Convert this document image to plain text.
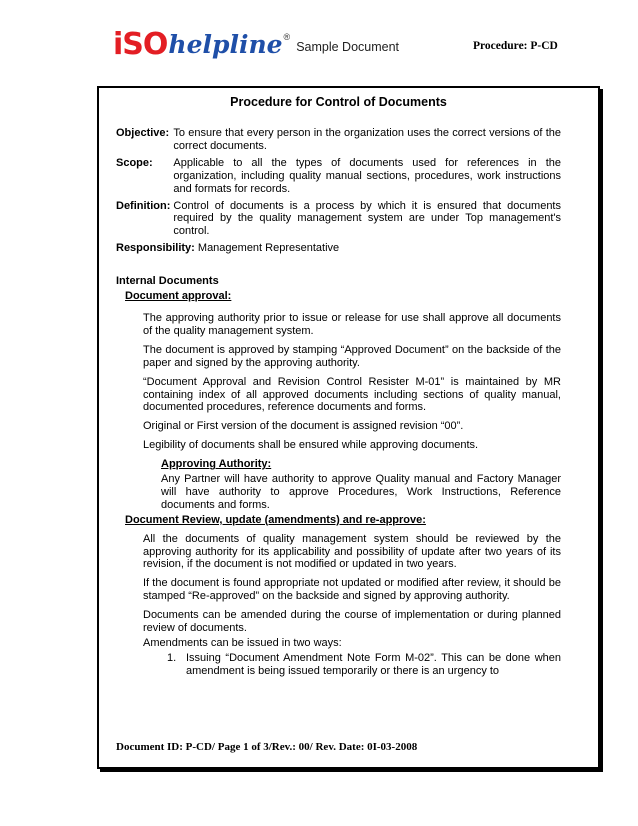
iSO helpline ®
Sample Document	Procedure: P-CD
Procedure for Control of Documents
Objective:	To ensure that every person in the organization uses the correct versions of the correct documents.
Scope:	Applicable to all the types of documents used for references in the organization, including quality manual sections, procedures, work instructions and formats for records.
Definition:	Control of documents is a process by which it is ensured that documents required by the quality management system are under Top management's control.
Responsibility: Management Representative
Internal Documents
Document approval:
The approving authority prior to issue or release for use shall approve all documents of the quality management system.
The document is approved by stamping “Approved Document” on the backside of the paper and signed by the approving authority.
“Document Approval and Revision Control Resister M-01” is maintained by MR containing index of all approved documents including sections of quality manual, documented procedures, reference documents and forms.
Original or First version of the document is assigned revision “00”.
Legibility of documents shall be ensured while approving documents.
Approving Authority:
Any Partner will have authority to approve Quality manual and Factory Manager will have authority to approve Procedures, Work Instructions, Reference documents and forms.
Document Review, update (amendments) and re-approve:
All the documents of quality management system should be reviewed by the approving authority for its applicability and possibility of update after two years of its revision, if the document is not modified or updated in two years.
If the document is found appropriate not updated or modified after review, it should be stamped “Re-approved” on the backside and signed by approving authority.
Documents can be amended during the course of implementation or during planned review of documents.
Amendments can be issued in two ways:
1. Issuing “Document Amendment Note Form M-02”. This can be done when amendment is being issued temporarily or there is an urgency to
Document ID: P-CD/ Page 1 of 3/Rev.: 00/ Rev. Date: 0I-03-2008
